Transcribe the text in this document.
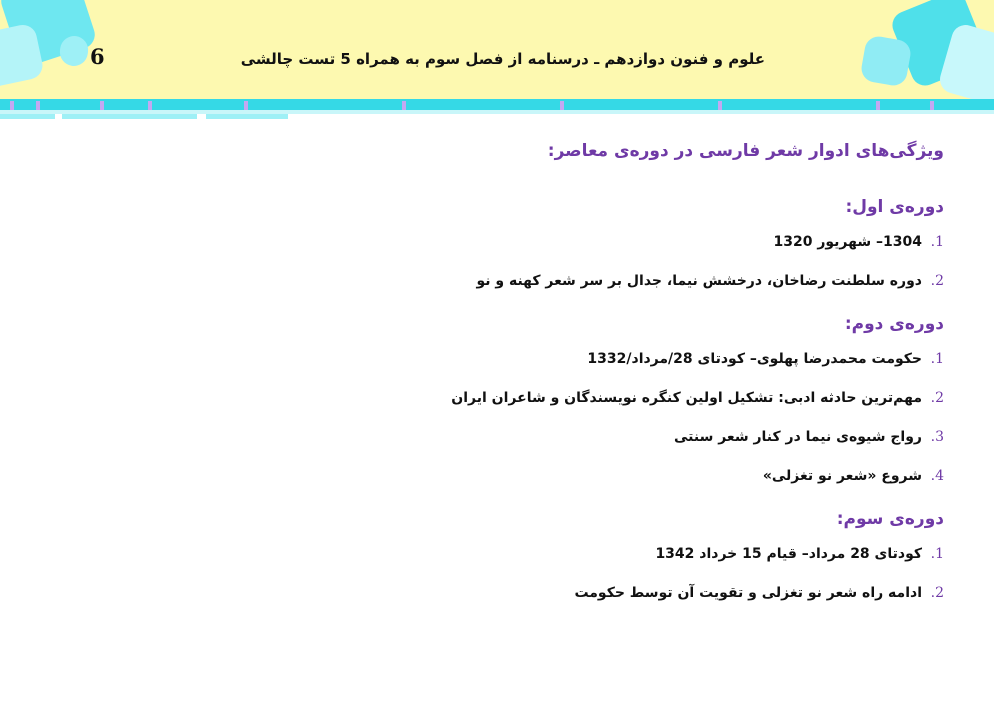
6	علوم و فنون دوازدهم ـ درسنامه از فصل سوم به همراه 5 تست چالشی
ویژگی‌های ادوار شعر فارسی در دوره‌ی معاصر:
دوره‌ی اول:
1.
1304– شهریور 1320
2.
دوره سلطنت رضاخان، درخشش نیما، جدال بر سر شعر کهنه و نو
دوره‌ی دوم:
1.
حکومت محمدرضا پهلوی– کودتای 28/مرداد/1332
2.
مهم‌ترین حادثه ادبی: تشکیل اولین کنگره نویسندگان و شاعران ایران
3.
رواج شیوه‌ی نیما در کنار شعر سنتی
4.
شروع «شعر نو تغزلی»
دوره‌ی سوم:
1.
کودتای 28 مرداد– قیام 15 خرداد 1342
2.
ادامه راه شعر نو تغزلی و تقویت آن توسط حکومت
